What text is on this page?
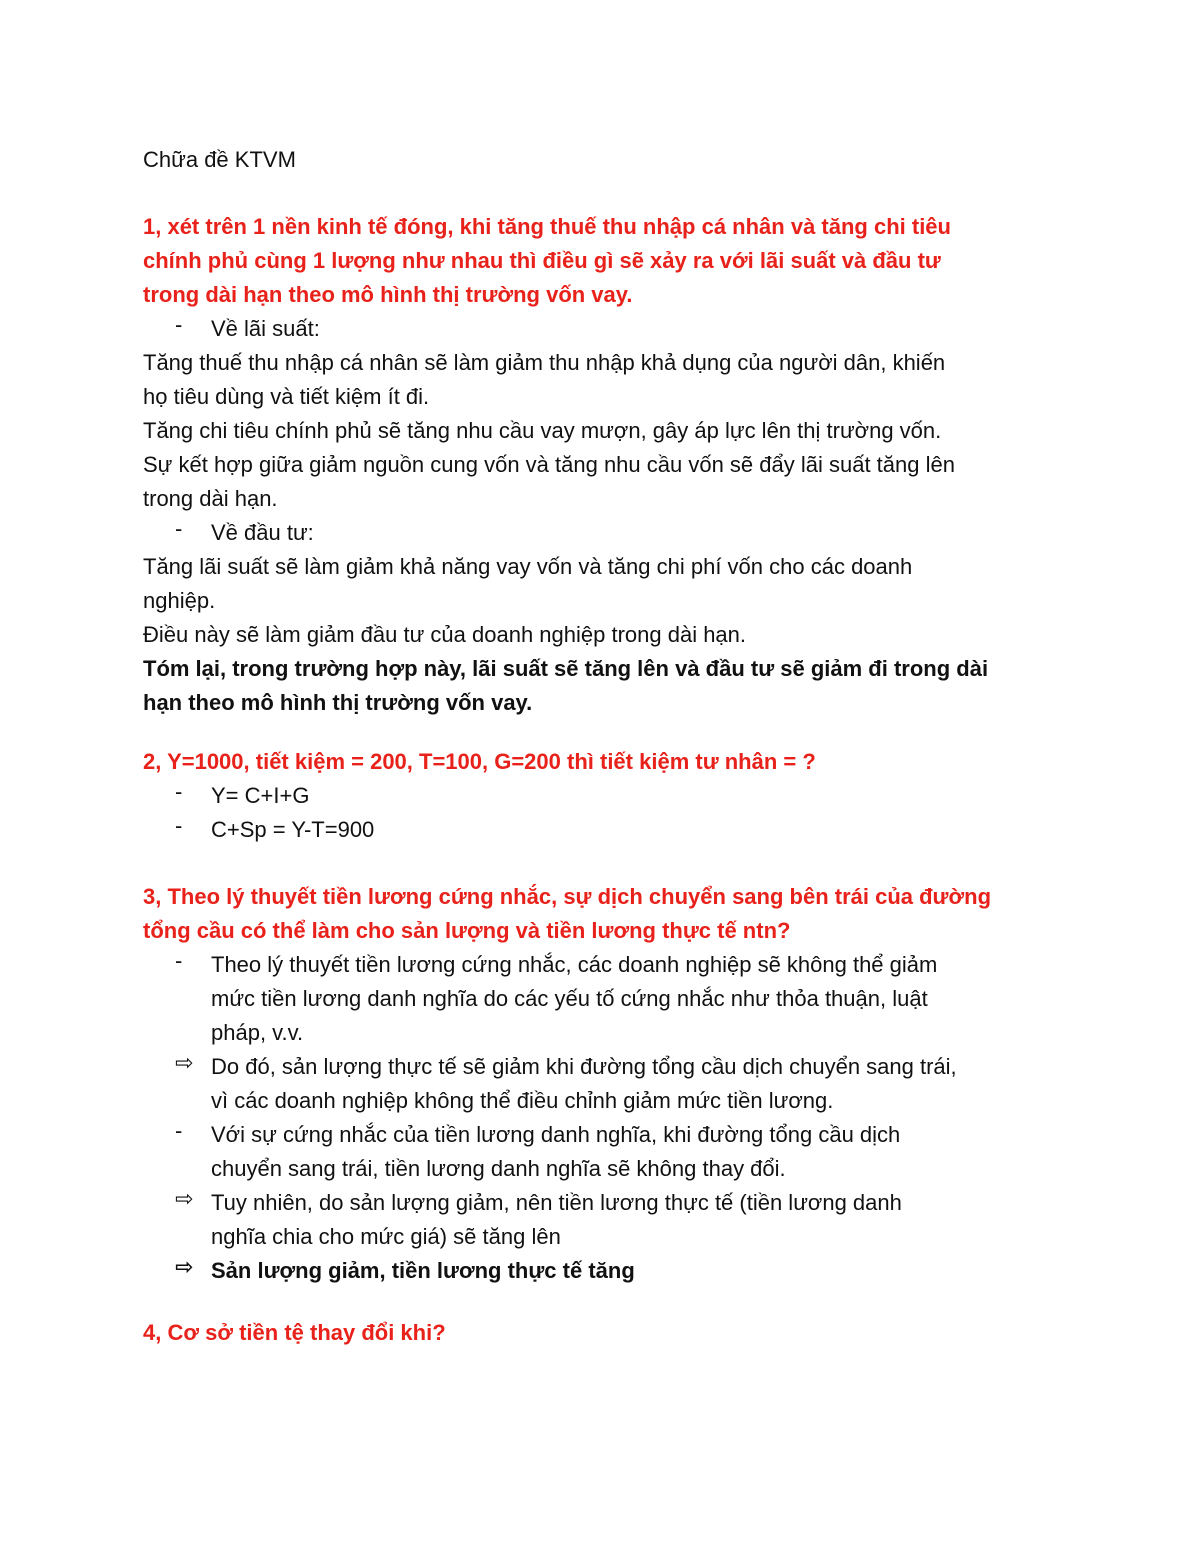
Chữa đề KTVM
1, xét trên 1 nền kinh tế đóng, khi tăng thuế thu nhập cá nhân và tăng chi tiêu
chính phủ cùng 1 lượng như nhau thì điều gì sẽ xảy ra với lãi suất và đầu tư
trong dài hạn theo mô hình thị trường vốn vay.
-	Về lãi suất:
Tăng thuế thu nhập cá nhân sẽ làm giảm thu nhập khả dụng của người dân, khiến
họ tiêu dùng và tiết kiệm ít đi.
Tăng chi tiêu chính phủ sẽ tăng nhu cầu vay mượn, gây áp lực lên thị trường vốn.
Sự kết hợp giữa giảm nguồn cung vốn và tăng nhu cầu vốn sẽ đẩy lãi suất tăng lên
trong dài hạn.
-	Về đầu tư:
Tăng lãi suất sẽ làm giảm khả năng vay vốn và tăng chi phí vốn cho các doanh
nghiệp.
Điều này sẽ làm giảm đầu tư của doanh nghiệp trong dài hạn.
Tóm lại, trong trường hợp này, lãi suất sẽ tăng lên và đầu tư sẽ giảm đi trong dài
hạn theo mô hình thị trường vốn vay.
2, Y=1000, tiết kiệm = 200, T=100, G=200 thì tiết kiệm tư nhân = ?
-	Y= C+I+G
-	C+Sp = Y-T=900
3, Theo lý thuyết tiền lương cứng nhắc, sự dịch chuyển sang bên trái của đường
tổng cầu có thể làm cho sản lượng và tiền lương thực tế ntn?
-	Theo lý thuyết tiền lương cứng nhắc, các doanh nghiệp sẽ không thể giảm
mức tiền lương danh nghĩa do các yếu tố cứng nhắc như thỏa thuận, luật
pháp, v.v.
⇨ Do đó, sản lượng thực tế sẽ giảm khi đường tổng cầu dịch chuyển sang trái,
vì các doanh nghiệp không thể điều chỉnh giảm mức tiền lương.
-	Với sự cứng nhắc của tiền lương danh nghĩa, khi đường tổng cầu dịch
chuyển sang trái, tiền lương danh nghĩa sẽ không thay đổi.
⇨ Tuy nhiên, do sản lượng giảm, nên tiền lương thực tế (tiền lương danh
nghĩa chia cho mức giá) sẽ tăng lên
⇨ Sản lượng giảm, tiền lương thực tế tăng
4, Cơ sở tiền tệ thay đổi khi?
